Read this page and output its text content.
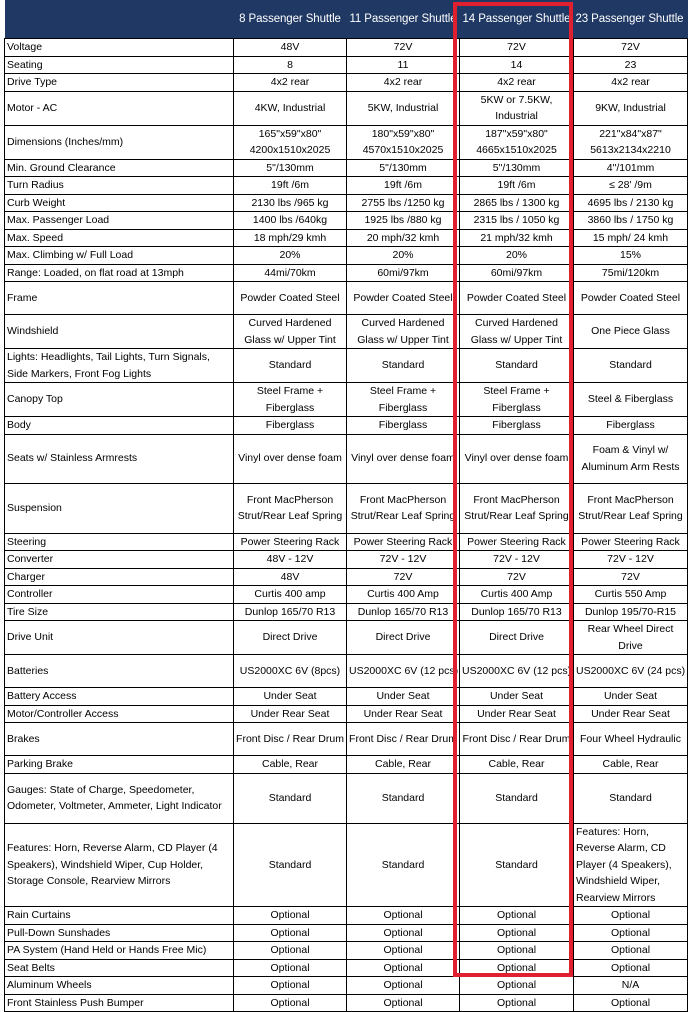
	8 Passenger Shuttle	11 Passenger Shuttle	14 Passenger Shuttle	23 Passenger Shuttle
Voltage	48V	72V	72V	72V
Seating	8	11	14	23
Drive Type	4x2 rear	4x2 rear	4x2 rear	4x2 rear
Motor - AC	4KW, Industrial	5KW, Industrial	5KW or 7.5KW, Industrial	9KW, Industrial
Dimensions (Inches/mm)	165"x59"x80" 4200x1510x2025	180"x59"x80" 4570x1510x2025	187"x59"x80" 4665x1510x2025	221"x84"x87" 5613x2134x2210
Min. Ground Clearance	5"/130mm	5"/130mm	5"/130mm	4"/101mm
Turn Radius	19ft /6m	19ft /6m	19ft /6m	≤ 28' /9m
Curb Weight	2130 lbs /965 kg	2755 lbs /1250 kg	2865 lbs / 1300 kg	4695 lbs / 2130 kg
Max. Passenger Load	1400 lbs /640kg	1925 lbs /880 kg	2315 lbs / 1050 kg	3860 lbs / 1750 kg
Max. Speed	18 mph/29 kmh	20 mph/32 kmh	21 mph/32 kmh	15 mph/ 24 kmh
Max. Climbing w/ Full Load	20%	20%	20%	15%
Range: Loaded, on flat road at 13mph	44mi/70km	60mi/97km	60mi/97km	75mi/120km
Frame	Powder Coated Steel	Powder Coated Steel	Powder Coated Steel	Powder Coated Steel
Windshield	Curved Hardened Glass w/ Upper Tint	Curved Hardened Glass w/ Upper Tint	Curved Hardened Glass w/ Upper Tint	One Piece Glass
Lights: Headlights, Tail Lights, Turn Signals, Side Markers, Front Fog Lights	Standard	Standard	Standard	Standard
Canopy Top	Steel Frame + Fiberglass	Steel Frame + Fiberglass	Steel Frame + Fiberglass	Steel & Fiberglass
Body	Fiberglass	Fiberglass	Fiberglass	Fiberglass
Seats w/ Stainless Armrests	Vinyl over dense foam	Vinyl over dense foam	Vinyl over dense foam	Foam & Vinyl w/ Aluminum Arm Rests
Suspension	Front MacPherson Strut/Rear Leaf Spring	Front MacPherson Strut/Rear Leaf Spring	Front MacPherson Strut/Rear Leaf Spring	Front MacPherson Strut/Rear Leaf Spring
Steering	Power Steering Rack	Power Steering Rack	Power Steering Rack	Power Steering Rack
Converter	48V - 12V	72V - 12V	72V - 12V	72V - 12V
Charger	48V	72V	72V	72V
Controller	Curtis 400 amp	Curtis 400 Amp	Curtis 400 Amp	Curtis 550 Amp
Tire Size	Dunlop 165/70 R13	Dunlop 165/70 R13	Dunlop 165/70 R13	Dunlop 195/70-R15
Drive Unit	Direct Drive	Direct Drive	Direct Drive	Rear Wheel Direct Drive
Batteries	US2000XC 6V (8pcs)	US2000XC 6V (12 pcs)	US2000XC 6V (12 pcs)	US2000XC 6V (24 pcs)
Battery Access	Under Seat	Under Seat	Under Seat	Under Seat
Motor/Controller Access	Under Rear Seat	Under Rear Seat	Under Rear Seat	Under Rear Seat
Brakes	Front Disc / Rear Drum	Front Disc / Rear Drum	Front Disc / Rear Drum	Four Wheel Hydraulic
Parking Brake	Cable, Rear	Cable, Rear	Cable, Rear	Cable, Rear
Gauges: State of Charge, Speedometer, Odometer, Voltmeter, Ammeter, Light Indicator	Standard	Standard	Standard	Standard
Features: Horn, Reverse Alarm, CD Player (4 Speakers), Windshield Wiper, Cup Holder, Storage Console, Rearview Mirrors	Standard	Standard	Standard	Features: Horn, Reverse Alarm, CD Player (4 Speakers), Windshield Wiper, Rearview Mirrors
Rain Curtains	Optional	Optional	Optional	Optional
Pull-Down Sunshades	Optional	Optional	Optional	Optional
PA System (Hand Held or Hands Free Mic)	Optional	Optional	Optional	Optional
Seat Belts	Optional	Optional	Optional	Optional
Aluminum Wheels	Optional	Optional	Optional	N/A
Front Stainless Push Bumper	Optional	Optional	Optional	Optional
